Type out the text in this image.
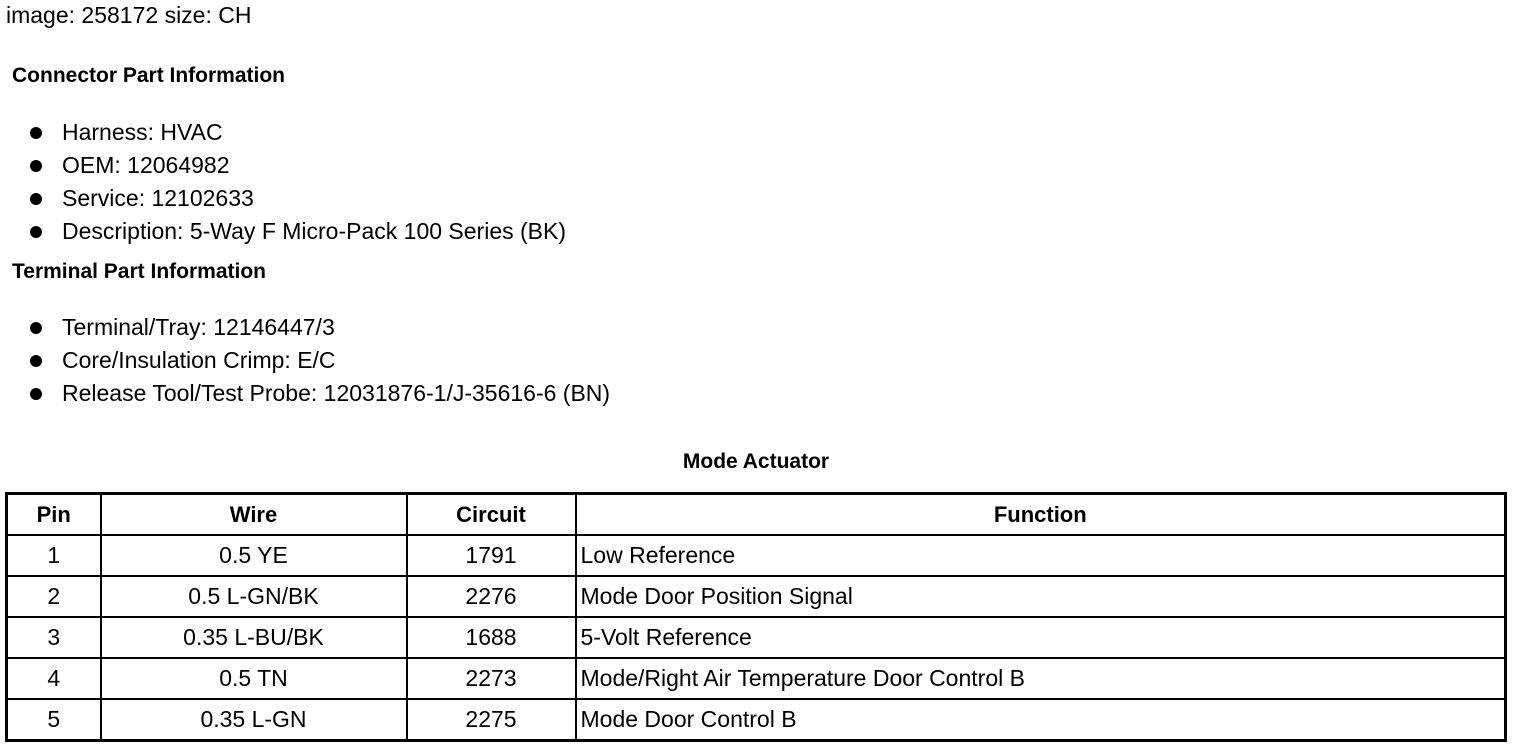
image: 258172 size: CH
Connector Part Information
Harness: HVAC
OEM: 12064982
Service: 12102633
Description: 5-Way F Micro-Pack 100 Series (BK)
Terminal Part Information
Terminal/Tray: 12146447/3
Core/Insulation Crimp: E/C
Release Tool/Test Probe: 12031876-1/J-35616-6 (BN)
Mode Actuator
Pin	Wire	Circuit	Function
1	0.5 YE	1791	Low Reference
2	0.5 L-GN/BK	2276	Mode Door Position Signal
3	0.35 L-BU/BK	1688	5-Volt Reference
4	0.5 TN	2273	Mode/Right Air Temperature Door Control B
5	0.35 L-GN	2275	Mode Door Control B
